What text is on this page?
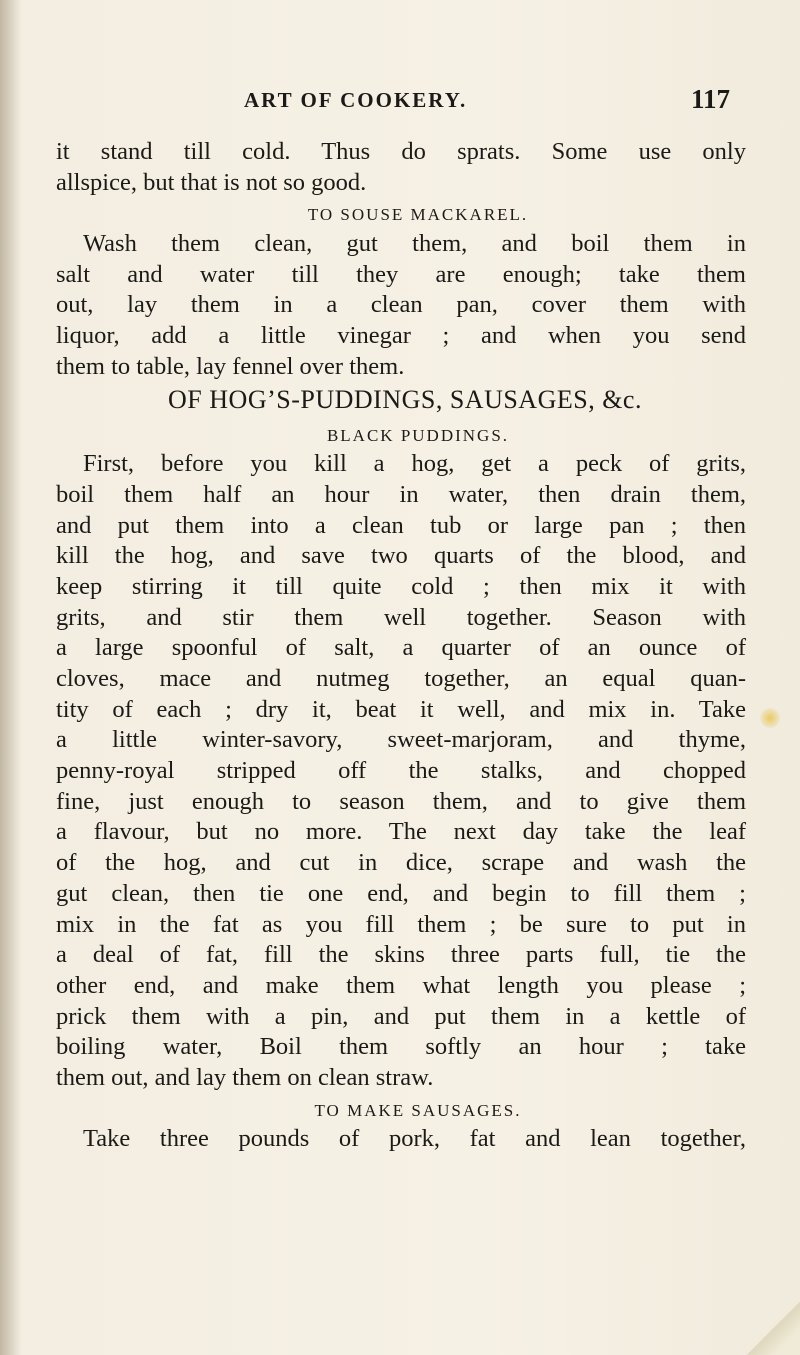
ART OF COOKERY.	117
it stand till cold. Thus do sprats. Some use only
allspice, but that is not so good.
TO SOUSE MACKAREL.
Wash them clean, gut them, and boil them in
salt and water till they are enough; take them
out, lay them in a clean pan, cover them with
liquor, add a little vinegar ; and when you send
them to table, lay fennel over them.
OF HOG’S-PUDDINGS, SAUSAGES, &c.
BLACK PUDDINGS.
First, before you kill a hog, get a peck of grits,
boil them half an hour in water, then drain them,
and put them into a clean tub or large pan ; then
kill the hog, and save two quarts of the blood, and
keep stirring it till quite cold ; then mix it with
grits, and stir them well together. Season with
a large spoonful of salt, a quarter of an ounce of
cloves, mace and nutmeg together, an equal quan-
tity of each ; dry it, beat it well, and mix in. Take
a little winter-savory, sweet-marjoram, and thyme,
penny-royal stripped off the stalks, and chopped
fine, just enough to season them, and to give them
a flavour, but no more. The next day take the leaf
of the hog, and cut in dice, scrape and wash the
gut clean, then tie one end, and begin to fill them ;
mix in the fat as you fill them ; be sure to put in
a deal of fat, fill the skins three parts full, tie the
other end, and make them what length you please ;
prick them with a pin, and put them in a kettle of
boiling water, Boil them softly an hour ; take
them out, and lay them on clean straw.
TO MAKE SAUSAGES.
Take three pounds of pork, fat and lean together,
